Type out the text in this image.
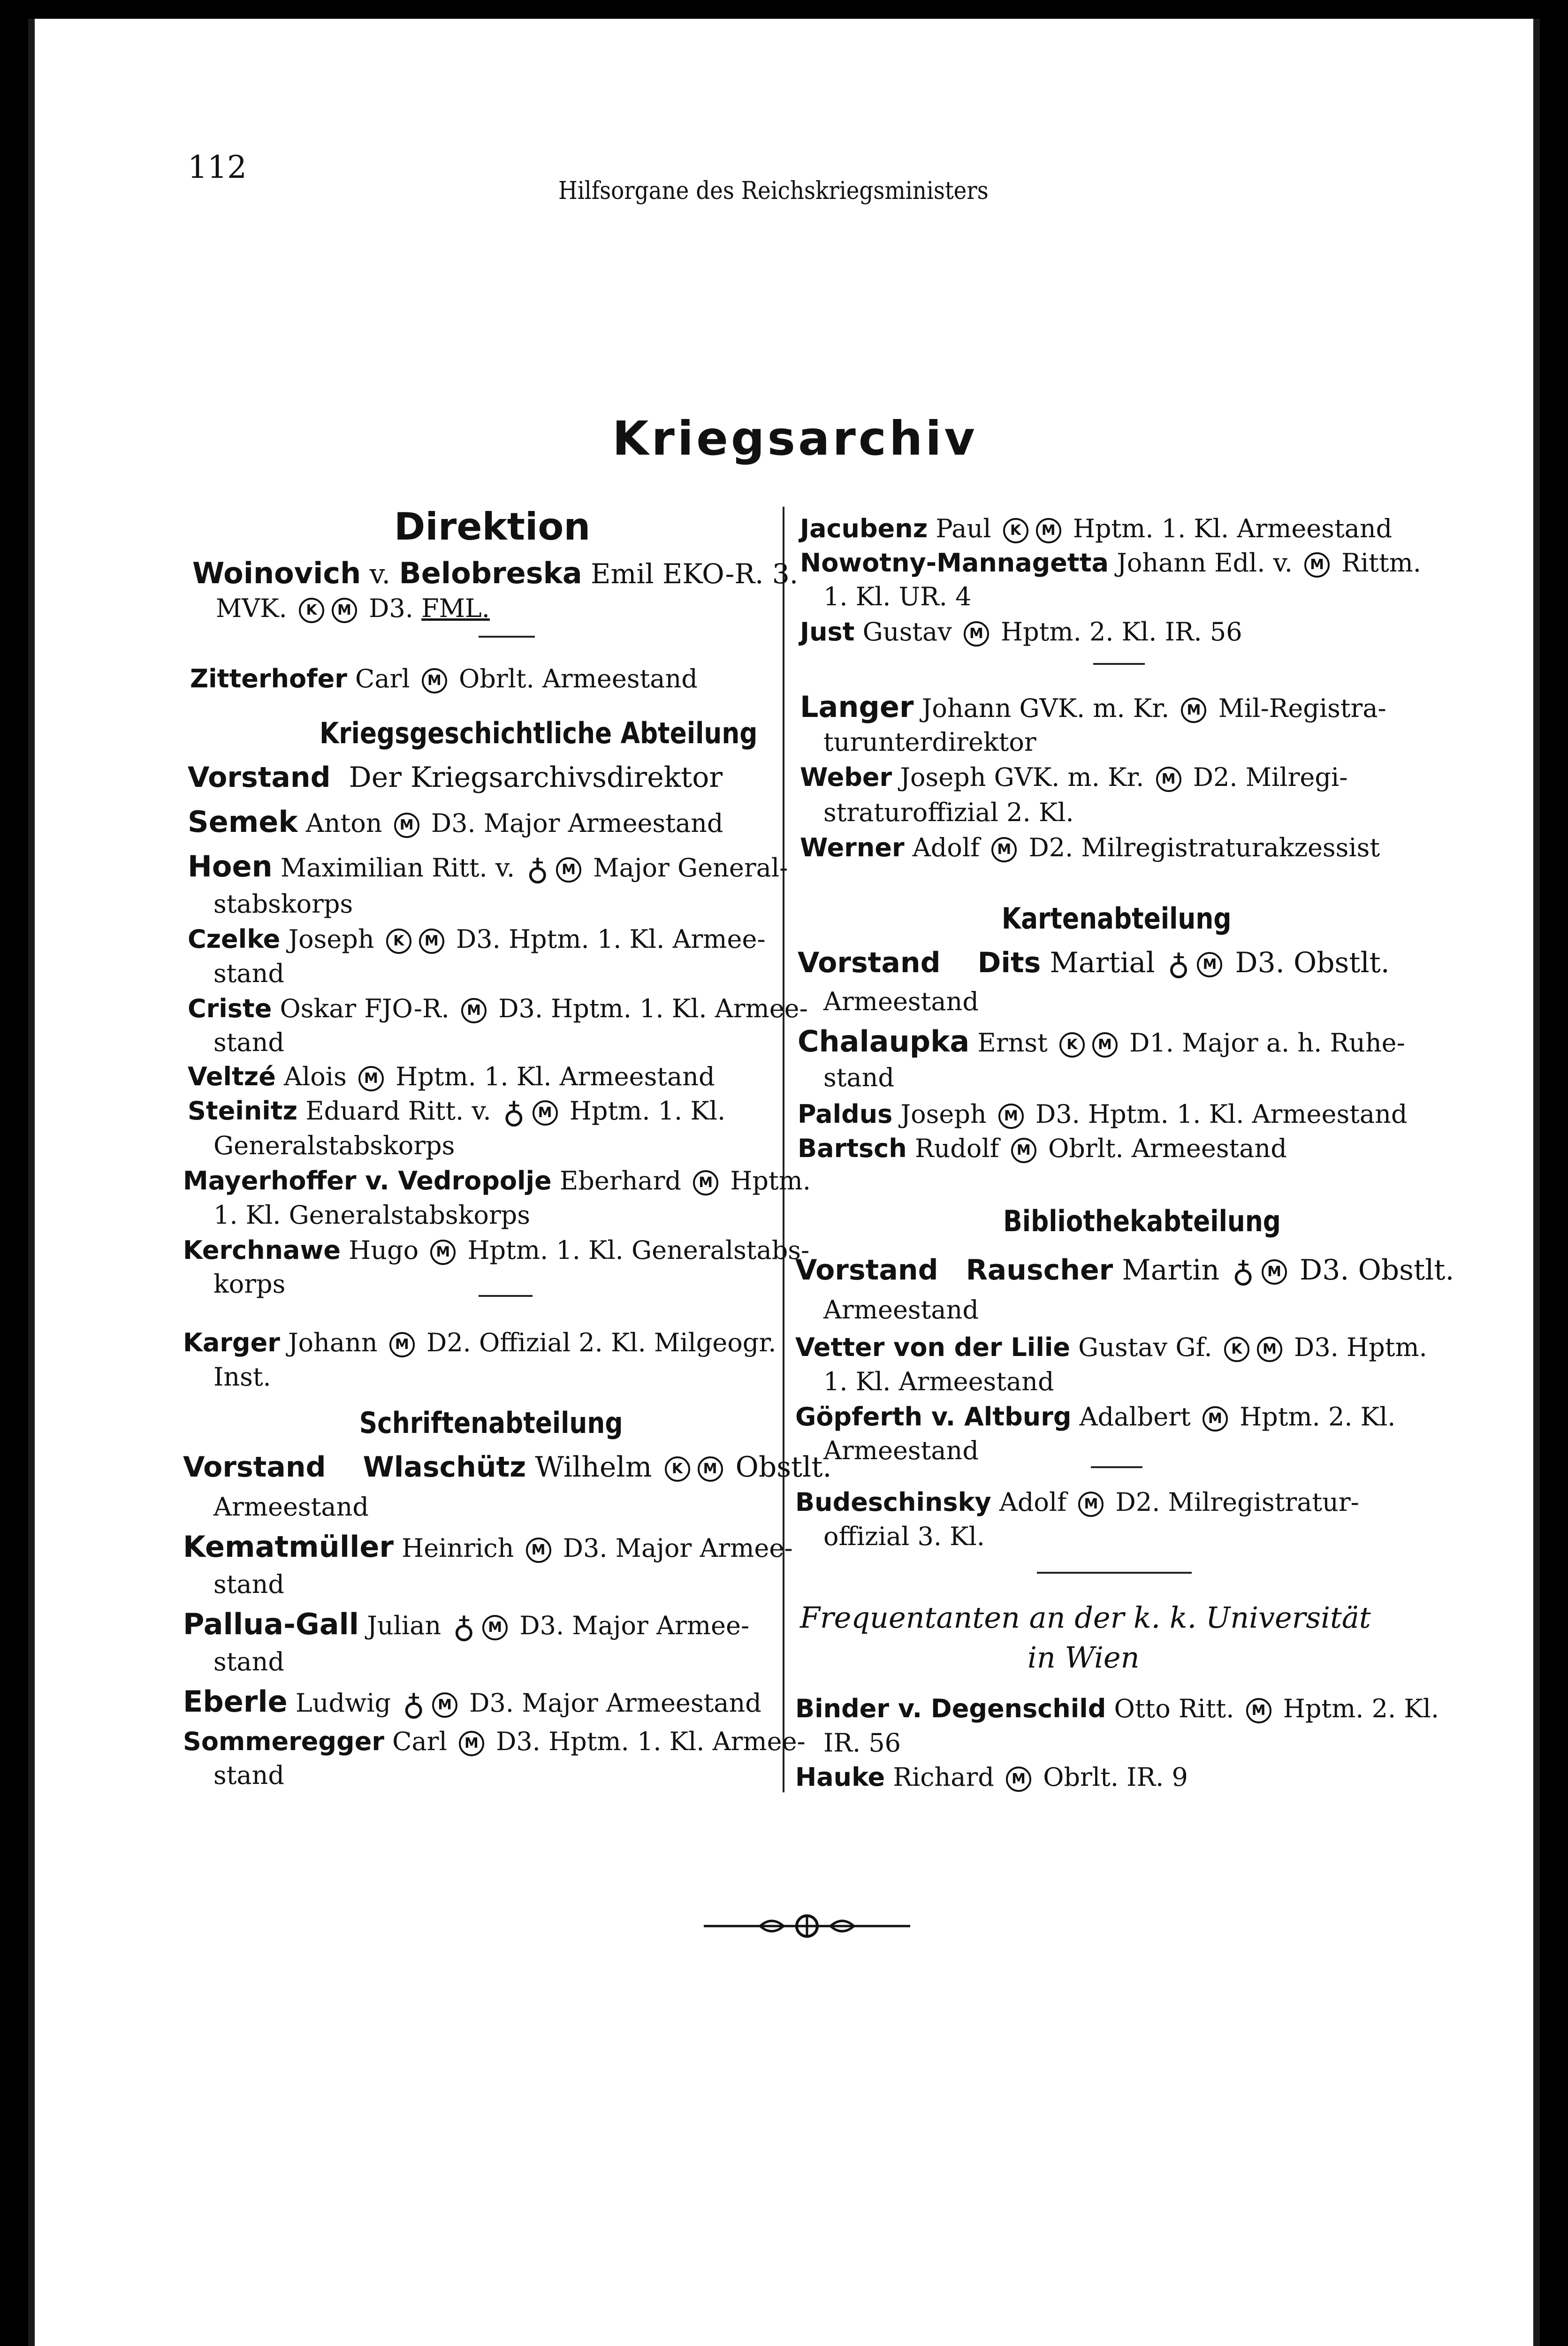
112
Hilfsorgane des Reichskriegsministers
Kriegsarchiv
Direktion
Woinovich v. Belobreska Emil EKO-R. 3.
MVK. K M D3. FML.
Zitterhofer Carl M Obrlt. Armeestand
Kriegsgeschichtliche Abteilung
Vorstand Der Kriegsarchivsdirektor
Semek Anton M D3. Major Armeestand
Hoen Maximilian Ritt. v. ♁ M Major General-
stabskorps
Czelke Joseph K M D3. Hptm. 1. Kl. Armee-
stand
Criste Oskar FJO-R. M D3. Hptm. 1. Kl. Armee-
stand
Veltzé Alois M Hptm. 1. Kl. Armeestand
Steinitz Eduard Ritt. v. ♁ M Hptm. 1. Kl.
Generalstabskorps
Mayerhoffer v. Vedropolje Eberhard M Hptm.
1. Kl. Generalstabskorps
Kerchnawe Hugo M Hptm. 1. Kl. Generalstabs-
korps
Karger Johann M D2. Offizial 2. Kl. Milgeogr.
Inst.
Schriftenabteilung
Vorstand Wlaschütz Wilhelm K M Obstlt.
Armeestand
Kematmüller Heinrich M D3. Major Armee-
stand
Pallua-Gall Julian ♁ M D3. Major Armee-
stand
Eberle Ludwig ♁ M D3. Major Armeestand
Sommeregger Carl M D3. Hptm. 1. Kl. Armee-
stand
Jacubenz Paul K M Hptm. 1. Kl. Armeestand
Nowotny-Mannagetta Johann Edl. v. M Rittm.
1. Kl. UR. 4
Just Gustav M Hptm. 2. Kl. IR. 56
Langer Johann GVK. m. Kr. M Mil-Registra-
turunterdirektor
Weber Joseph GVK. m. Kr. M D2. Milregi-
straturoffizial 2. Kl.
Werner Adolf M D2. Milregistraturakzessist
Kartenabteilung
Vorstand Dits Martial ♁ M D3. Obstlt.
Armeestand
Chalaupka Ernst K M D1. Major a. h. Ruhe-
stand
Paldus Joseph M D3. Hptm. 1. Kl. Armeestand
Bartsch Rudolf M Obrlt. Armeestand
Bibliothekabteilung
Vorstand Rauscher Martin ♁ M D3. Obstlt.
Armeestand
Vetter von der Lilie Gustav Gf. K M D3. Hptm.
1. Kl. Armeestand
Göpferth v. Altburg Adalbert M Hptm. 2. Kl.
Armeestand
Budeschinsky Adolf M D2. Milregistratur-
offizial 3. Kl.
Frequentanten an der k. k. Universität
in Wien
Binder v. Degenschild Otto Ritt. M Hptm. 2. Kl.
IR. 56
Hauke Richard M Obrlt. IR. 9
